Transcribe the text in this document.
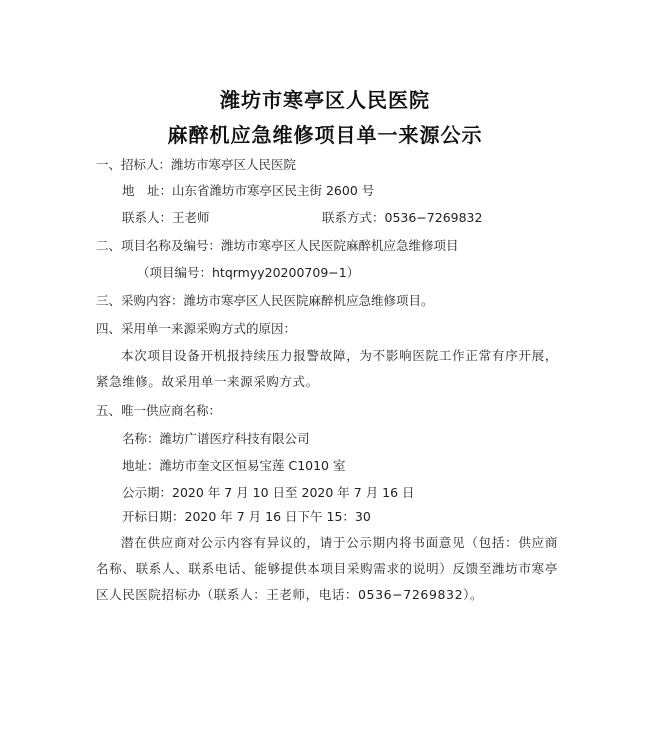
潍坊市寒亭区人民医院
麻醉机应急维修项目单一来源公示
一、招标人：潍坊市寒亭区人民医院
地　址：山东省潍坊市寒亭区民主街 2600 号
联系人：王老师	联系方式：0536−7269832
二、项目名称及编号：潍坊市寒亭区人民医院麻醉机应急维修项目
（项目编号：htqrmyy20200709−1）
三、采购内容：潍坊市寒亭区人民医院麻醉机应急维修项目。
四、采用单一来源采购方式的原因：
本次项目设备开机报持续压力报警故障，为不影响医院工作正常有序开展，紧急维修。故采用单一来源采购方式。
五、唯一供应商名称：
名称：潍坊广谱医疗科技有限公司
地址：潍坊市奎文区恒易宝莲 C1010 室
公示期：2020 年 7 月 10 日至 2020 年 7 月 16 日
开标日期：2020 年 7 月 16 日下午 15：30
潜在供应商对公示内容有异议的，请于公示期内将书面意见（包括：供应商名称、联系人、联系电话、能够提供本项目采购需求的说明）反馈至潍坊市寒亭区人民医院招标办（联系人：王老师，电话：0536−7269832）。
